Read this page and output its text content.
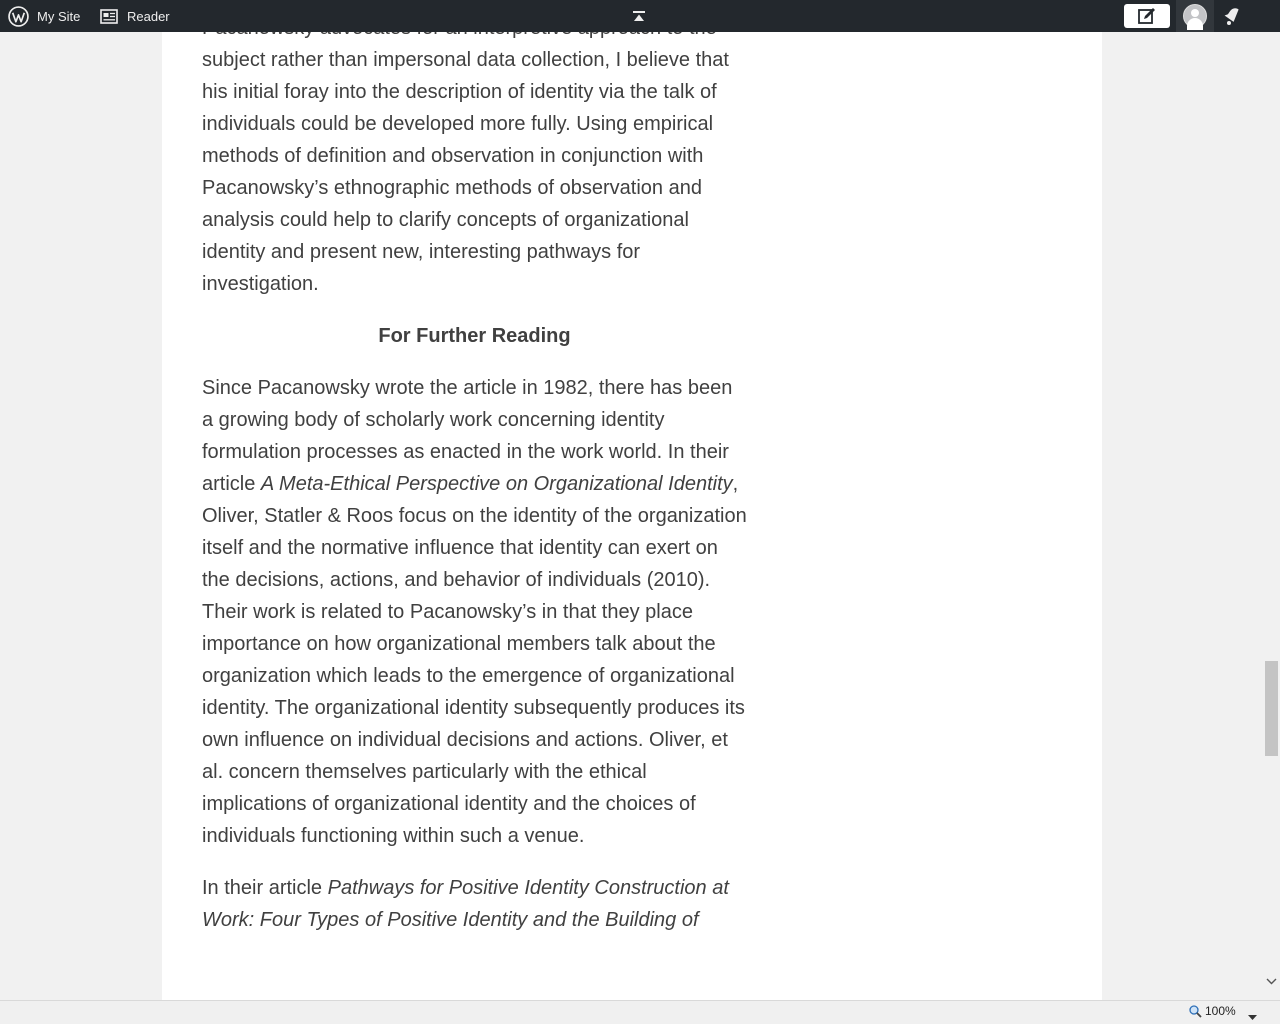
My Site	Reader

subject rather than impersonal data collection, I believe that his initial foray into the description of identity via the talk of individuals could be developed more fully. Using empirical methods of definition and observation in conjunction with Pacanowsky’s ethnographic methods of observation and analysis could help to clarify concepts of organizational identity and present new, interesting pathways for investigation.

For Further Reading

Since Pacanowsky wrote the article in 1982, there has been a growing body of scholarly work concerning identity formulation processes as enacted in the work world. In their article A Meta-Ethical Perspective on Organizational Identity, Oliver, Statler & Roos focus on the identity of the organization itself and the normative influence that identity can exert on the decisions, actions, and behavior of individuals (2010). Their work is related to Pacanowsky’s in that they place importance on how organizational members talk about the organization which leads to the emergence of organizational identity. The organizational identity subsequently produces its own influence on individual decisions and actions. Oliver, et al. concern themselves particularly with the ethical implications of organizational identity and the choices of individuals functioning within such a venue.

In their article Pathways for Positive Identity Construction at Work: Four Types of Positive Identity and the Building of

100%
